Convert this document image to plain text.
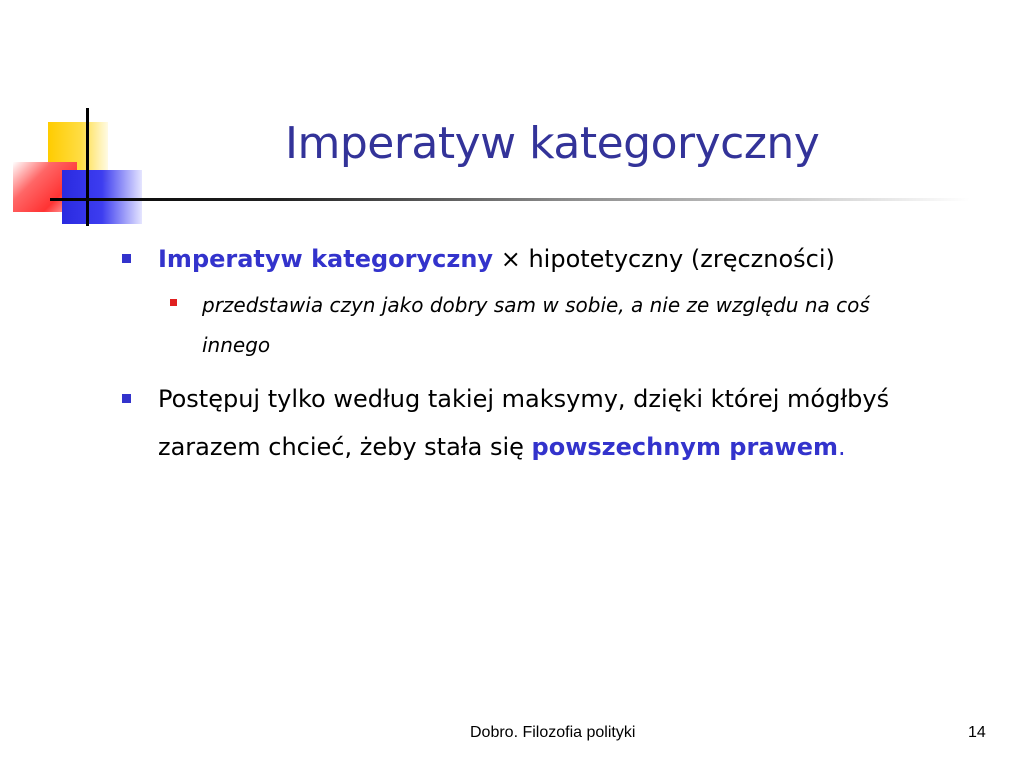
Imperatyw kategoryczny
Imperatyw kategoryczny × hipotetyczny (zręczności)
przedstawia czyn jako dobry sam w sobie, a nie ze względu na coś innego
Postępuj tylko według takiej maksymy, dzięki której mógłbyś zarazem chcieć, żeby stała się powszechnym prawem.
Dobro. Filozofia polityki	14
